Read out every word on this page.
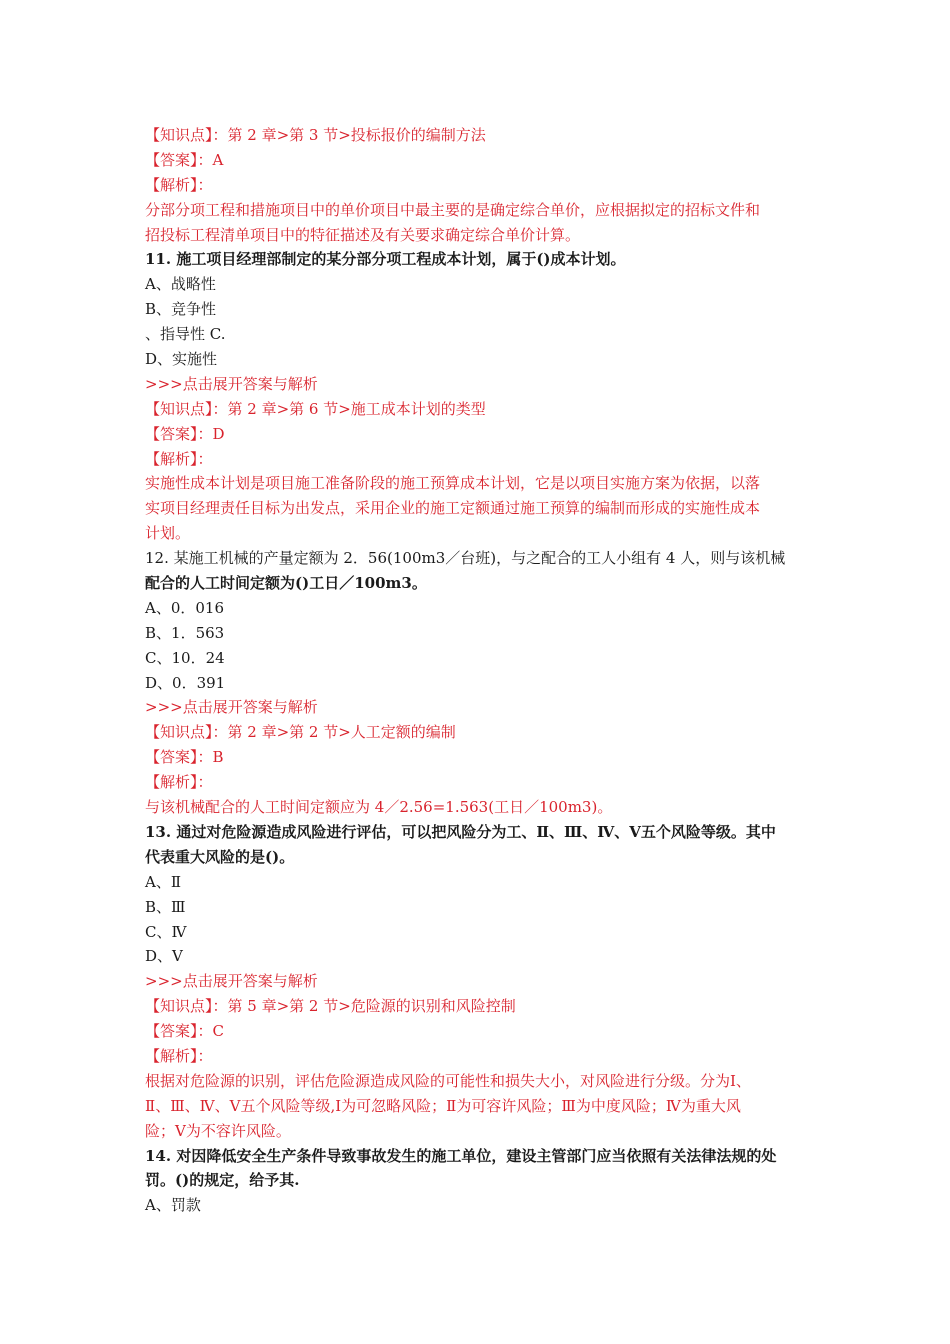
【知识点】：第 2 章>第 3 节>投标报价的编制方法
【答案】：A
【解析】：
分部分项工程和措施项目中的单价项目中最主要的是确定综合单价，应根据拟定的招标文件和
招投标工程清单项目中的特征描述及有关要求确定综合单价计算。
11. 施工项目经理部制定的某分部分项工程成本计划，属于()成本计划。
A、战略性
B、竞争性
、指导性 C.
D、实施性
>>>点击展开答案与解析
【知识点】：第 2 章>第 6 节>施工成本计划的类型
【答案】：D
【解析】：
实施性成本计划是项目施工准备阶段的施工预算成本计划，它是以项目实施方案为依据，以落
实项目经理责任目标为出发点，采用企业的施工定额通过施工预算的编制而形成的实施性成本
计划。
12. 某施工机械的产量定额为 2．56(100m3／台班)，与之配合的工人小组有 4 人，则与该机械
配合的人工时间定额为()工日／100m3。
A、0．016
B、1．563
C、10．24
D、0．391
>>>点击展开答案与解析
【知识点】：第 2 章>第 2 节>人工定额的编制
【答案】：B
【解析】：
与该机械配合的人工时间定额应为 4／2.56=1.563(工日／100m3)。
13. 通过对危险源造成风险进行评估，可以把风险分为工、Ⅱ、Ⅲ、Ⅳ、Ⅴ五个风险等级。其中
代表重大风险的是()。
A、Ⅱ
B、Ⅲ
C、Ⅳ
D、Ⅴ
>>>点击展开答案与解析
【知识点】：第 5 章>第 2 节>危险源的识别和风险控制
【答案】：C
【解析】：
根据对危险源的识别，评估危险源造成风险的可能性和损失大小，对风险进行分级。分为Ⅰ、
Ⅱ、Ⅲ、Ⅳ、Ⅴ五个风险等级,Ⅰ为可忽略风险；Ⅱ为可容许风险；Ⅲ为中度风险；Ⅳ为重大风
险；Ⅴ为不容许风险。
14. 对因降低安全生产条件导致事故发生的施工单位，建设主管部门应当依照有关法律法规的处
罚。()的规定，给予其.
A、罚款
